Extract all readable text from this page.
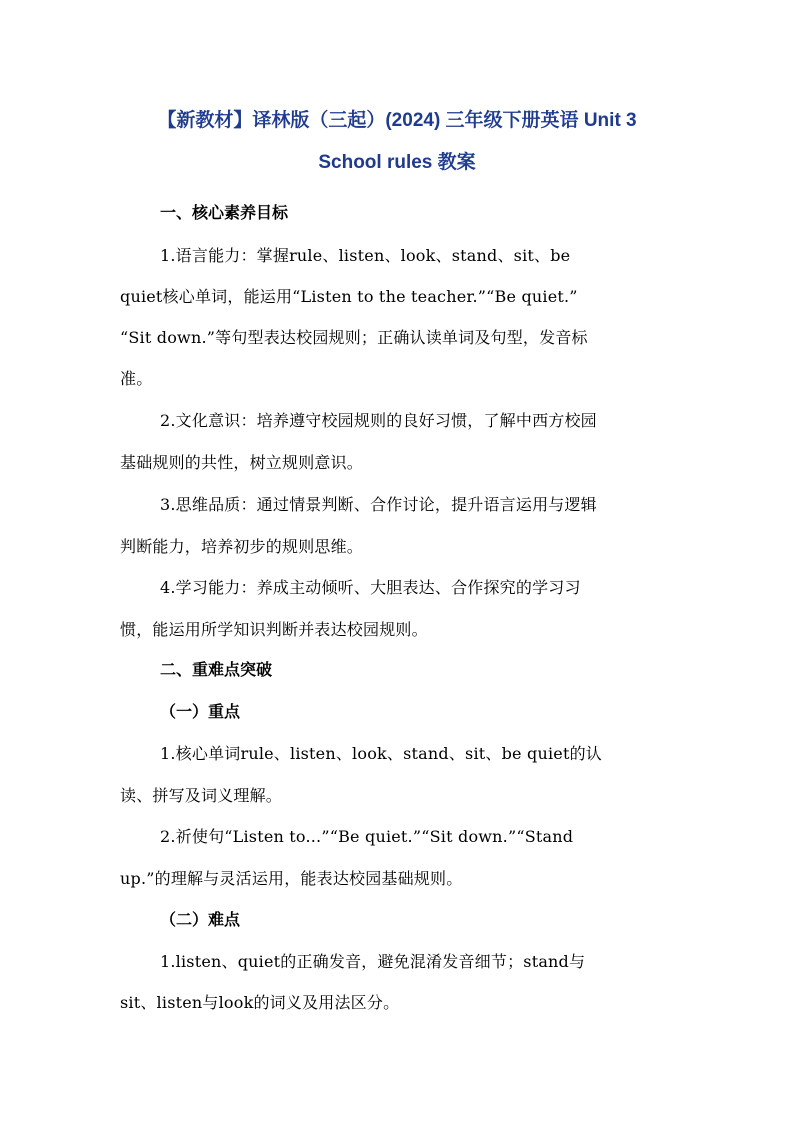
【新教材】译林版（三起）(2024) 三年级下册英语 Unit 3
School rules 教案
一、核心素养目标
1.语言能力：掌握rule、listen、look、stand、sit、be
quiet核心单词，能运用“Listen to the teacher.”“Be quiet.”
“Sit down.”等句型表达校园规则；正确认读单词及句型，发音标
准。
2.文化意识：培养遵守校园规则的良好习惯，了解中西方校园
基础规则的共性，树立规则意识。
3.思维品质：通过情景判断、合作讨论，提升语言运用与逻辑
判断能力，培养初步的规则思维。
4.学习能力：养成主动倾听、大胆表达、合作探究的学习习
惯，能运用所学知识判断并表达校园规则。
二、重难点突破
（一）重点
1.核心单词rule、listen、look、stand、sit、be quiet的认
读、拼写及词义理解。
2.祈使句“Listen to...”“Be quiet.”“Sit down.”“Stand
up.”的理解与灵活运用，能表达校园基础规则。
（二）难点
1.listen、quiet的正确发音，避免混淆发音细节；stand与
sit、listen与look的词义及用法区分。
